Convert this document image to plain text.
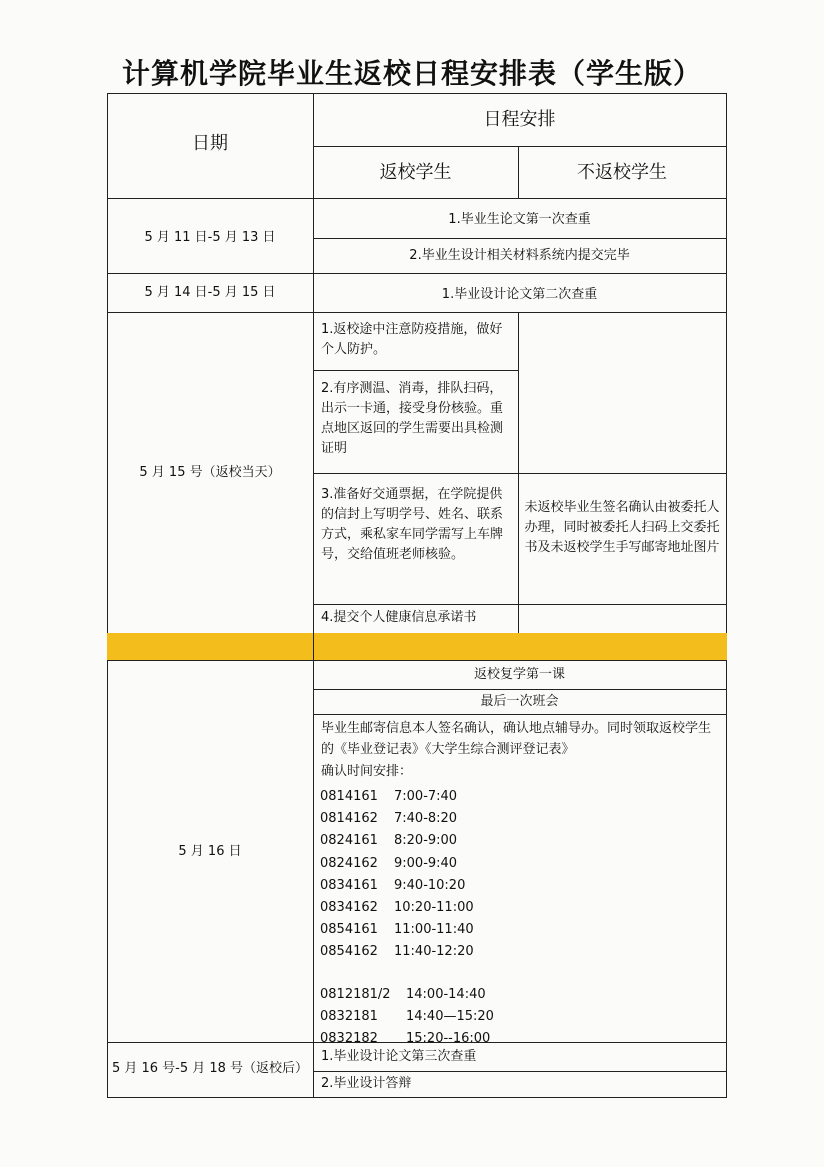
计算机学院毕业生返校日程安排表（学生版）
日期
日程安排
返校学生	不返校学生
5 月 11 日-5 月 13 日
1.毕业生论文第一次查重
2.毕业生设计相关材料系统内提交完毕
5 月 14 日-5 月 15 日	1.毕业设计论文第二次查重
5 月 15 号（返校当天）
1.返校途中注意防疫措施，做好个人防护。
2.有序测温、消毒，排队扫码，出示一卡通，接受身份核验。重点地区返回的学生需要出具检测证明
3.准备好交通票据，在学院提供的信封上写明学号、姓名、联系方式，乘私家车同学需写上车牌号，交给值班老师核验。
4.提交个人健康信息承诺书
未返校毕业生签名确认由被委托人办理，同时被委托人扫码上交委托书及未返校学生手写邮寄地址图片
5 月 16 日
返校复学第一课
最后一次班会
毕业生邮寄信息本人签名确认，确认地点辅导办。同时领取返校学生的《毕业登记表》《大学生综合测评登记表》
确认时间安排：
0814161 7:00-7:40
0814162 7:40-8:20
0824161 8:20-9:00
0824162 9:00-9:40
0834161 9:40-10:20
0834162 10:20-11:00
0854161 11:00-11:40
0854162 11:40-12:20
0812181/2 14:00-14:40
0832181 14:40—15:20
0832182 15:20--16:00
5 月 16 号-5 月 18 号（返校后）
1.毕业设计论文第三次查重
2.毕业设计答辩
